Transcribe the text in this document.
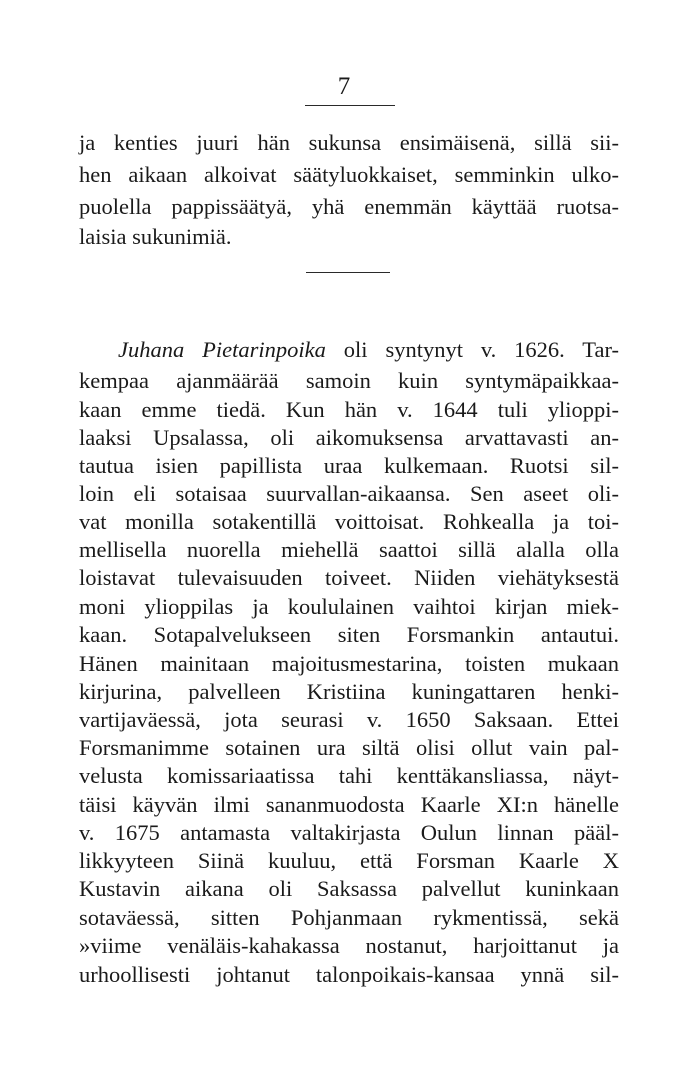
7
ja kenties juuri hän sukunsa ensimäisenä, sillä sii-
hen aikaan alkoivat säätyluokkaiset, semminkin ulko-
puolella pappissäätyä, yhä enemmän käyttää ruotsa-
laisia sukunimiä.
Juhana Pietarinpoika oli syntynyt v. 1626. Tar-
kempaa ajanmäärää samoin kuin syntymäpaikkaa-
kaan emme tiedä. Kun hän v. 1644 tuli ylioppi-
laaksi Upsalassa, oli aikomuksensa arvattavasti an-
tautua isien papillista uraa kulkemaan. Ruotsi sil-
loin eli sotaisaa suurvallan-aikaansa. Sen aseet oli-
vat monilla sotakentillä voittoisat. Rohkealla ja toi-
mellisella nuorella miehellä saattoi sillä alalla olla
loistavat tulevaisuuden toiveet. Niiden viehätyksestä
moni ylioppilas ja koululainen vaihtoi kirjan miek-
kaan. Sotapalvelukseen siten Forsmankin antautui.
Hänen mainitaan majoitusmestarina, toisten mukaan
kirjurina, palvelleen Kristiina kuningattaren henki-
vartijaväessä, jota seurasi v. 1650 Saksaan. Ettei
Forsmanimme sotainen ura siltä olisi ollut vain pal-
velusta komissariaatissa tahi kenttäkansliassa, näyt-
täisi käyvän ilmi sananmuodosta Kaarle XI:n hänelle
v. 1675 antamasta valtakirjasta Oulun linnan pääl-
likkyyteen Siinä kuuluu, että Forsman Kaarle X
Kustavin aikana oli Saksassa palvellut kuninkaan
sotaväessä, sitten Pohjanmaan rykmentissä, sekä
»viime venäläis-kahakassa nostanut, harjoittanut ja
urhoollisesti johtanut talonpoikais-kansaa ynnä sil-
